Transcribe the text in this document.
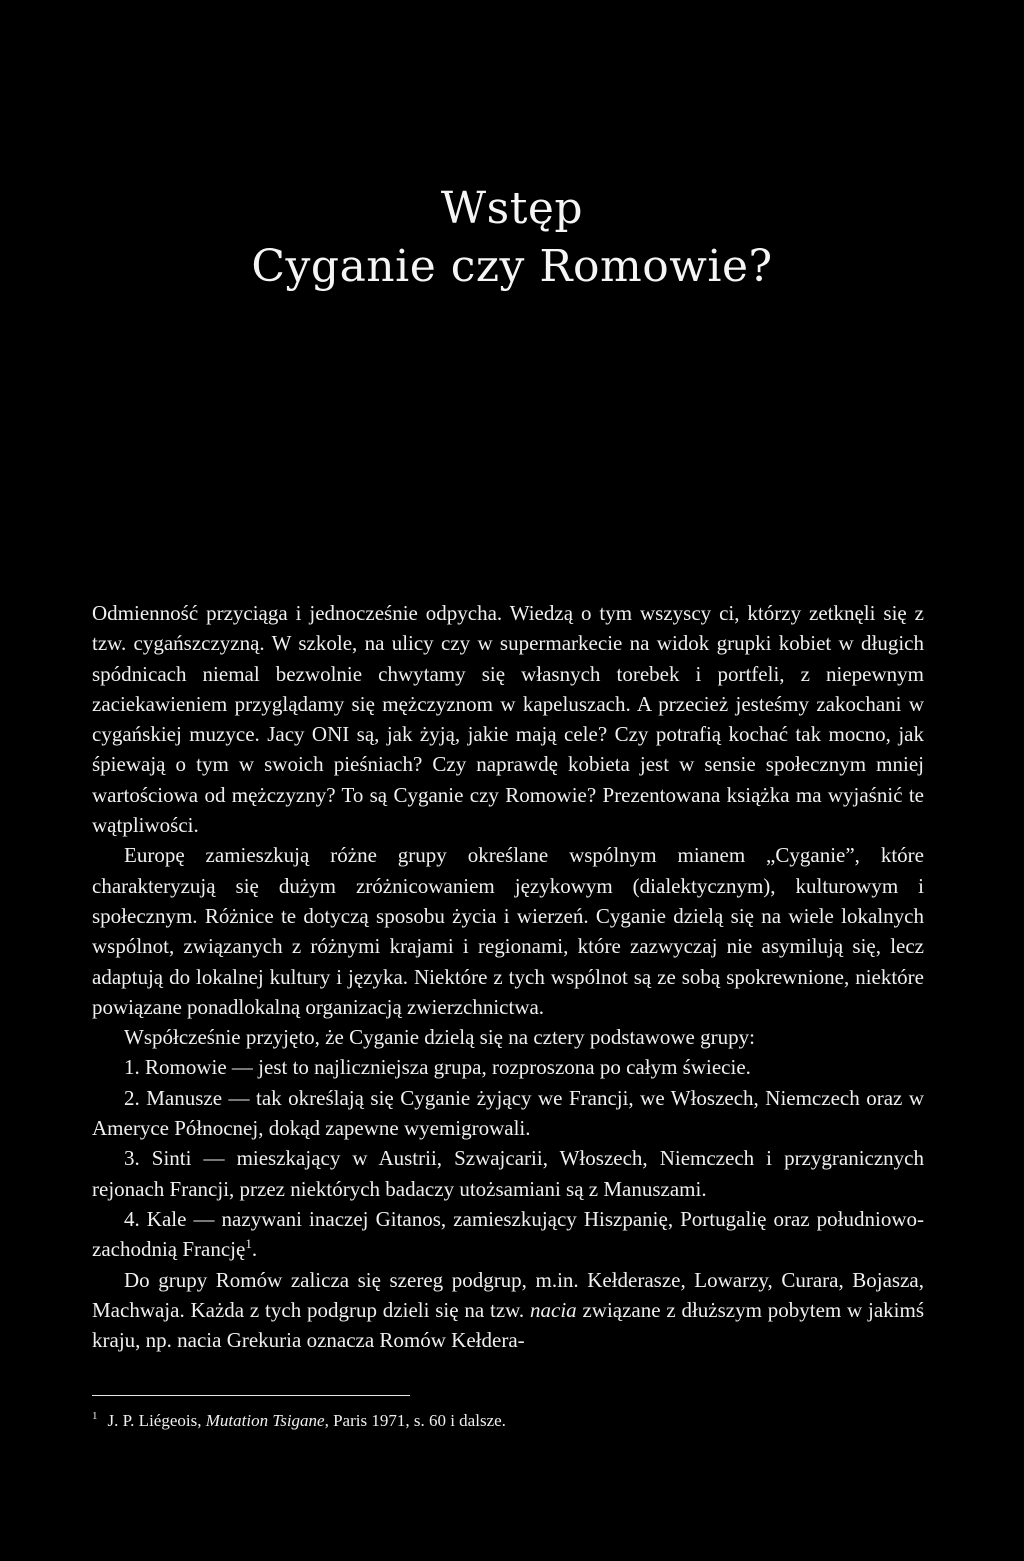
Wstęp
Cyganie czy Romowie?

Odmienność przyciąga i jednocześnie odpycha. Wiedzą o tym wszyscy ci, którzy zetknęli się z tzw. cygańszczyzną. W szkole, na ulicy czy w supermarkecie na widok grupki kobiet w długich spódnicach niemal bezwolnie chwytamy się własnych torebek i portfeli, z niepewnym zaciekawieniem przyglądamy się mężczyznom w kapeluszach. A przecież jesteśmy zakochani w cygańskiej muzyce. Jacy ONI są, jak żyją, jakie mają cele? Czy potrafią kochać tak mocno, jak śpiewają o tym w swoich pieśniach? Czy naprawdę kobieta jest w sensie społecznym mniej wartościowa od mężczyzny? To są Cyganie czy Romowie? Prezentowana książka ma wyjaśnić te wątpliwości.

Europę zamieszkują różne grupy określane wspólnym mianem „Cyganie”, które charakteryzują się dużym zróżnicowaniem językowym (dialektycznym), kulturowym i społecznym. Różnice te dotyczą sposobu życia i wierzeń. Cyganie dzielą się na wiele lokalnych wspólnot, związanych z różnymi krajami i regionami, które zazwyczaj nie asymilują się, lecz adaptują do lokalnej kultury i języka. Niektóre z tych wspólnot są ze sobą spokrewnione, niektóre powiązane ponadlokalną organizacją zwierzchnictwa.

Współcześnie przyjęto, że Cyganie dzielą się na cztery podstawowe grupy:

1. Romowie — jest to najliczniejsza grupa, rozproszona po całym świecie.

2. Manusze — tak określają się Cyganie żyjący we Francji, we Włoszech, Niemczech oraz w Ameryce Północnej, dokąd zapewne wyemigrowali.

3. Sinti — mieszkający w Austrii, Szwajcarii, Włoszech, Niemczech i przygranicznych rejonach Francji, przez niektórych badaczy utożsamiani są z Manuszami.

4. Kale — nazywani inaczej Gitanos, zamieszkujący Hiszpanię, Portugalię oraz południowo-zachodnią Francję$^1$.

Do grupy Romów zalicza się szereg podgrup, m.in. Kełderasze, Lowarzy, Curara, Bojasza, Machwaja. Każda z tych podgrup dzieli się na tzw. nacia związane z dłuższym pobytem w jakimś kraju, np. nacia Grekuria oznacza Romów Kełdera-

$^1$ J. P. Liégeois, Mutation Tsigane, Paris 1971, s. 60 i dalsze.
